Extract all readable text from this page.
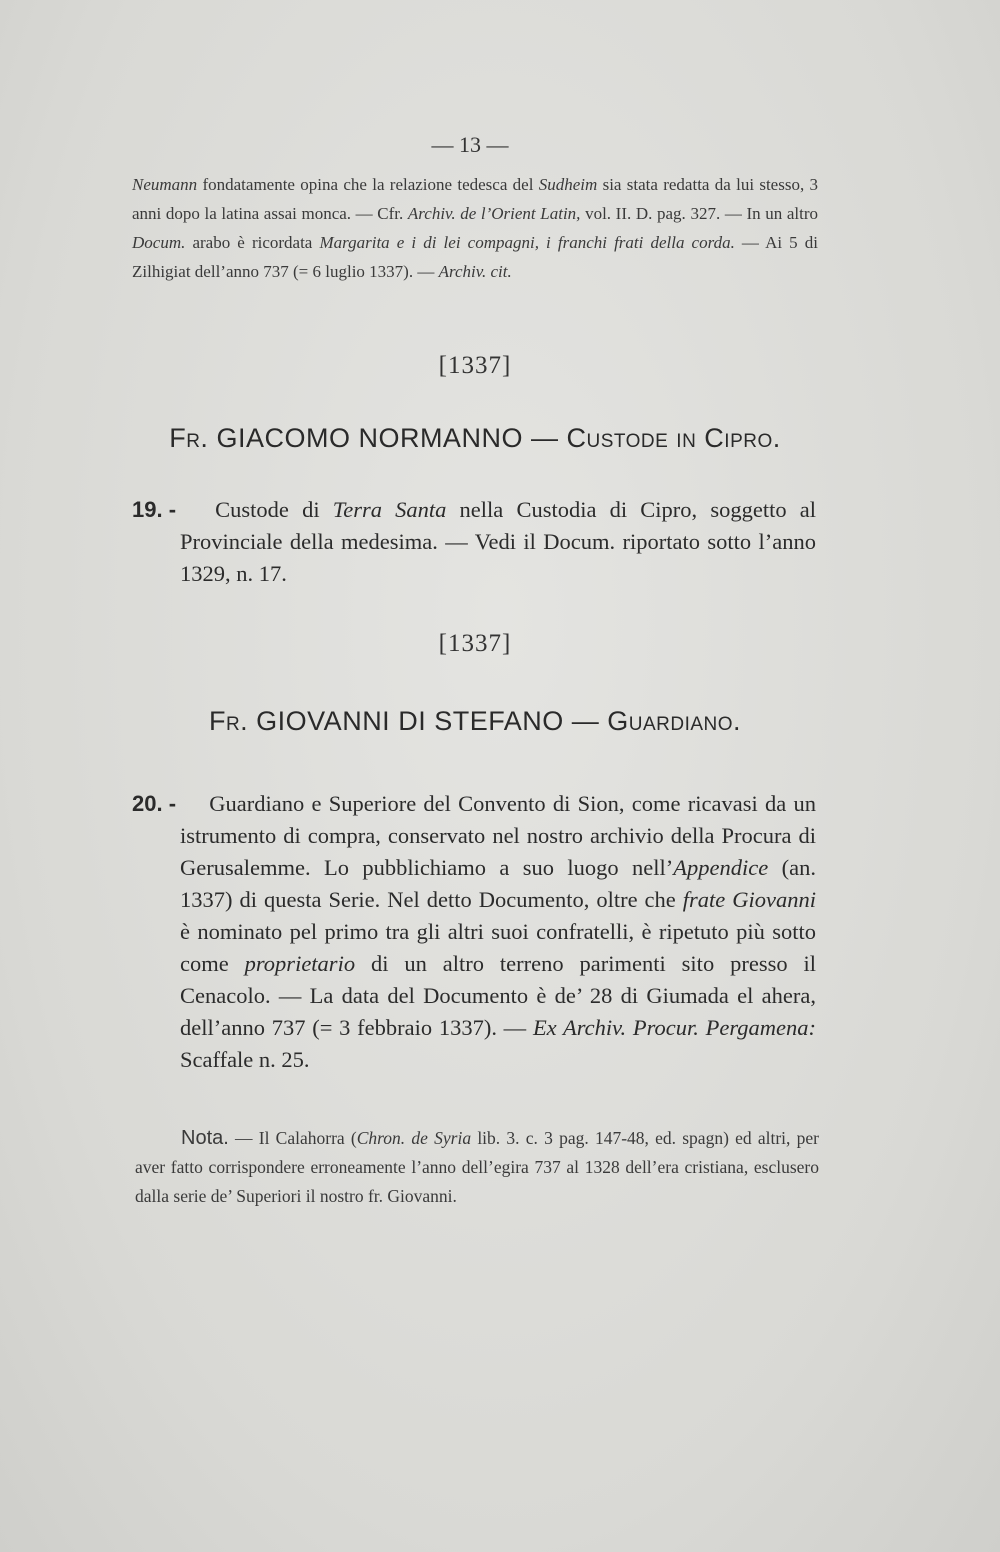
— 13 —
Neumann fondatamente opina che la relazione tedesca del Sudheim sia stata redatta da lui stesso, 3 anni dopo la latina assai monca. — Cfr. Archiv. de l’Orient Latin, vol. II. D. pag. 327. — In un altro Docum. arabo è ricordata Margarita e i di lei compagni, i franchi frati della corda. — Ai 5 di Zilhigiat dell’anno 737 (= 6 luglio 1337). — Archiv. cit.
[1337]
Fr. GIACOMO NORMANNO — Custode in Cipro.
19. - Custode di Terra Santa nella Custodia di Cipro, soggetto al Provinciale della medesima. — Vedi il Docum. riportato sotto l’anno 1329, n. 17.
[1337]
Fr. GIOVANNI DI STEFANO — Guardiano.
20. - Guardiano e Superiore del Convento di Sion, come ricavasi da un istrumento di compra, conservato nel nostro archivio della Procura di Gerusalemme. Lo pubblichiamo a suo luogo nell’Appendice (an. 1337) di questa Serie. Nel detto Documento, oltre che frate Giovanni è nominato pel primo tra gli altri suoi confratelli, è ripetuto più sotto come proprietario di un altro terreno parimenti sito presso il Cenacolo. — La data del Documento è de’ 28 di Giumada el ahera, dell’anno 737 (= 3 febbraio 1337). — Ex Archiv. Procur. Pergamena: Scaffale n. 25.
Nota. — Il Calahorra (Chron. de Syria lib. 3. c. 3 pag. 147-48, ed. spagn) ed altri, per aver fatto corrispondere erroneamente l’anno dell’egira 737 al 1328 dell’era cristiana, esclusero dalla serie de’ Superiori il nostro fr. Giovanni.
